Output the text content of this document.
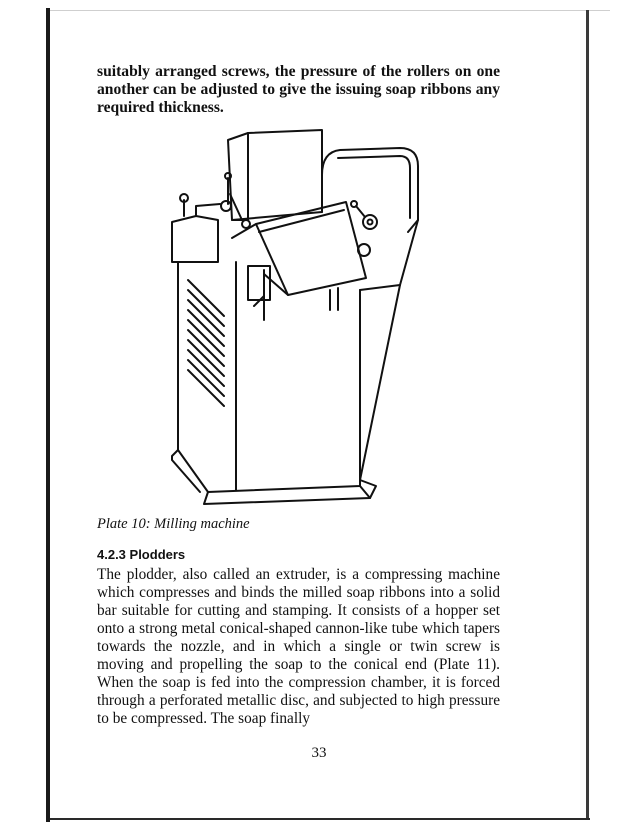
suitably arranged screws, the pressure of the rollers on one another can be adjusted to give the issuing soap ribbons any required thickness.

Plate 10: Milling machine

4.2.3 Plodders

The plodder, also called an extruder, is a compressing machine which compresses and binds the milled soap ribbons into a solid bar suitable for cutting and stamping. It consists of a hopper set onto a strong metal conical-shaped cannon-like tube which tapers towards the nozzle, and in which a single or twin screw is moving and propelling the soap to the conical end (Plate 11). When the soap is fed into the compression chamber, it is forced through a perforated metallic disc, and subjected to high pressure to be compressed. The soap finally

33
